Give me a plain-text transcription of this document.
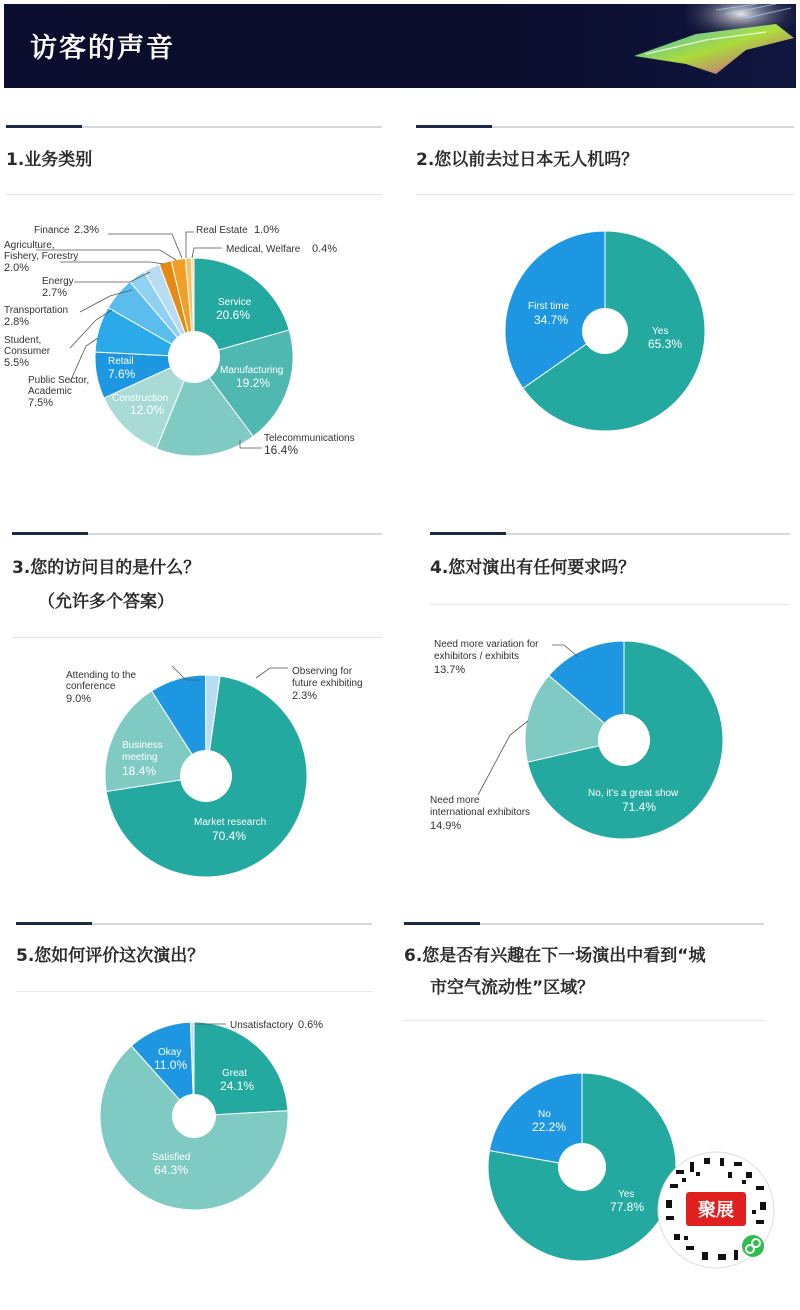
访客的声音
1.业务类别
Service
20.6%
Manufacturing
19.2%
Construction
12.0%
Retail
7.6%
Telecommunications
16.4%
Finance 2.3%	Real Estate 1.0%
Medical, Welfare 0.4%
Agriculture,
Fishery, Forestry
2.0%
Energy
2.7%
Transportation
2.8%
Student,
Consumer
5.5%
Public Sector,
Academic
7.5%
2.您以前去过日本无人机吗？
Yes
65.3%
First time
34.7%
3.您的访问目的是什么？
（允许多个答案）
Market research
70.4%
Business
meeting
18.4%
Attending to the
conference
9.0%
Observing for
future exhibiting
2.3%
4.您对演出有任何要求吗？
No, it's a great show
71.4%
Need more variation for
exhibitors / exhibits
13.7%
Need more
international exhibitors
14.9%
5.您如何评价这次演出？
Great
24.1%
Satisfied
64.3%
Okay
11.0%
Unsatisfactory 0.6%
6.您是否有兴趣在下一场演出中看到“城
市空气流动性”区域？
Yes
77.8%
No
22.2%
聚展
